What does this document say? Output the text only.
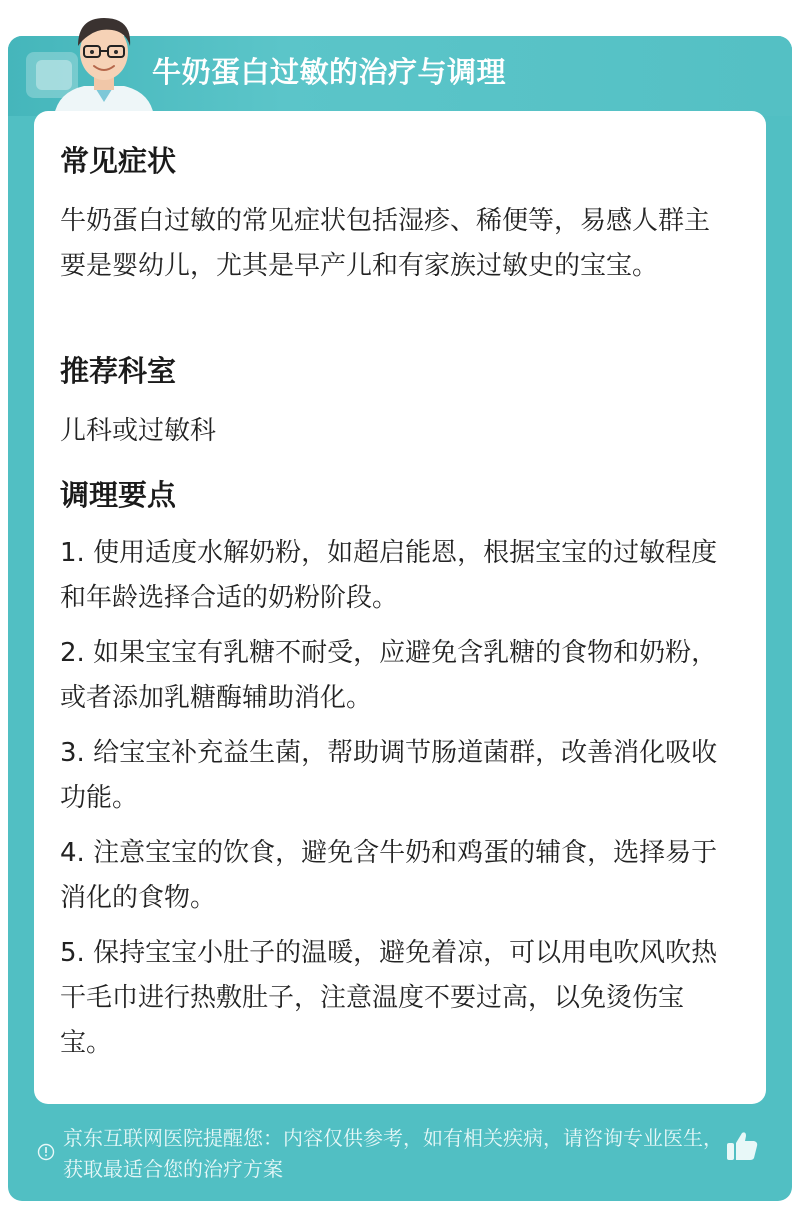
牛奶蛋白过敏的治疗与调理
常见症状

牛奶蛋白过敏的常见症状包括湿疹、稀便等，易感人群主要是婴幼儿，尤其是早产儿和有家族过敏史的宝宝。

推荐科室

儿科或过敏科

调理要点

1. 使用适度水解奶粉，如超启能恩，根据宝宝的过敏程度和年龄选择合适的奶粉阶段。

2. 如果宝宝有乳糖不耐受，应避免含乳糖的食物和奶粉，或者添加乳糖酶辅助消化。

3. 给宝宝补充益生菌，帮助调节肠道菌群，改善消化吸收功能。

4. 注意宝宝的饮食，避免含牛奶和鸡蛋的辅食，选择易于消化的食物。

5. 保持宝宝小肚子的温暖，避免着凉，可以用电吹风吹热干毛巾进行热敷肚子，注意温度不要过高，以免烫伤宝宝。

京东互联网医院提醒您：内容仅供参考，如有相关疾病，请咨询专业医生，获取最适合您的治疗方案
